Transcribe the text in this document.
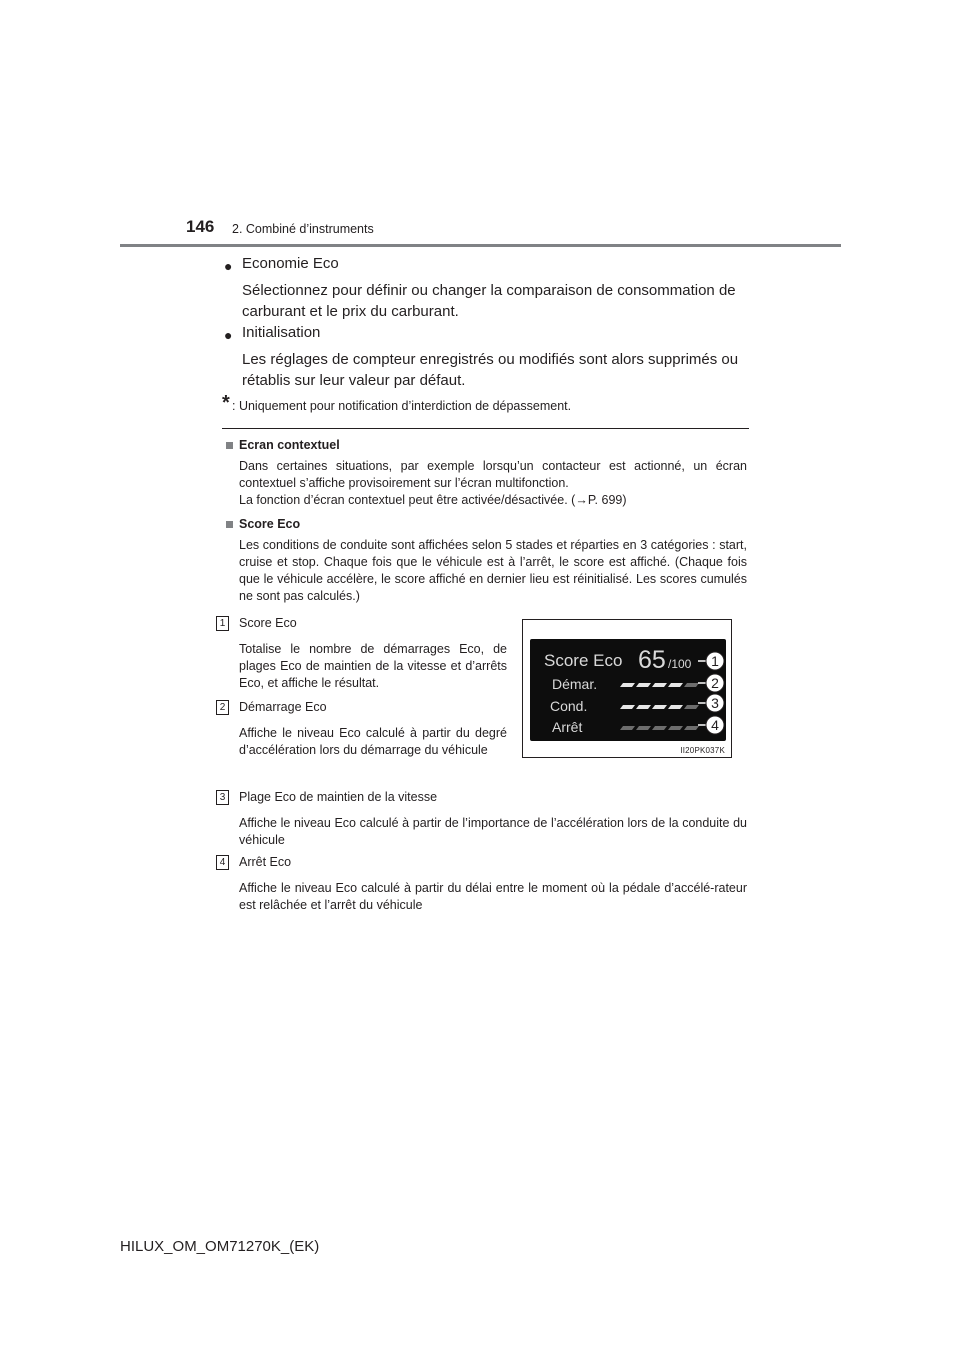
146 2. Combiné d’instruments
● Economie Eco
Sélectionnez pour définir ou changer la comparaison de consommation de
carburant et le prix du carburant.
● Initialisation
Les réglages de compteur enregistrés ou modifiés sont alors supprimés ou
rétablis sur leur valeur par défaut.
* : Uniquement pour notification d’interdiction de dépassement.
Ecran contextuel
Dans certaines situations, par exemple lorsqu’un contacteur est actionné, un écran contextuel s’affiche provisoirement sur l’écran multifonction.
La fonction d’écran contextuel peut être activée/désactivée. (→P. 699)
Score Eco
Les conditions de conduite sont affichées selon 5 stades et réparties en 3 catégories : start, cruise et stop. Chaque fois que le véhicule est à l’arrêt, le score est affiché. (Chaque fois que le véhicule accélère, le score affiché en dernier lieu est réinitialisé. Les scores cumulés ne sont pas calculés.)
1 Score Eco
Totalise le nombre de démarrages Eco, de plages Eco de maintien de la vitesse et d’arrêts Eco, et affiche le résultat.
2 Démarrage Eco
Affiche le niveau Eco calculé à partir du degré d’accélération lors du démarrage du véhicule
Score Eco 65 /100
Démar.
Cond.
Arrêt
1
2
3
4
II20PK037K
3 Plage Eco de maintien de la vitesse
Affiche le niveau Eco calculé à partir de l’importance de l’accélération lors de la conduite du véhicule
4 Arrêt Eco
Affiche le niveau Eco calculé à partir du délai entre le moment où la pédale d’accélé-rateur est relâchée et l’arrêt du véhicule
HILUX_OM_OM71270K_(EK)
